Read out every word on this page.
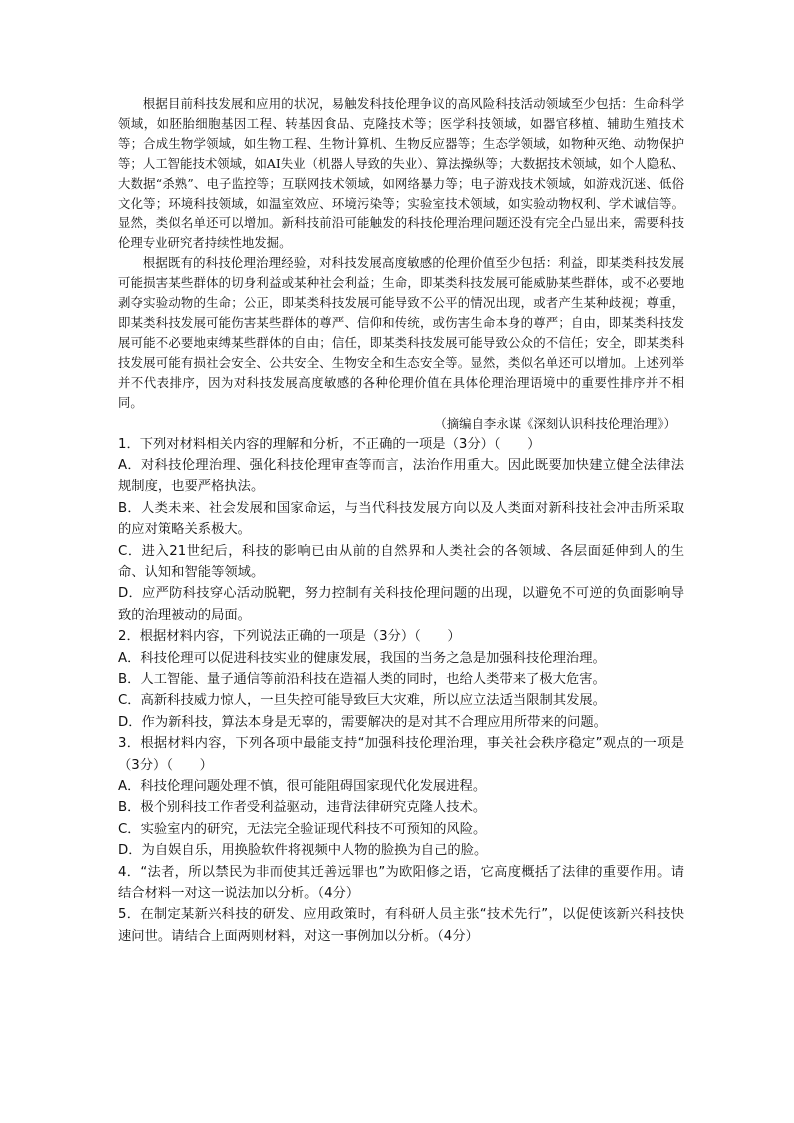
根据目前科技发展和应用的状况，易触发科技伦理争议的高风险科技活动领域至少包括：生命科学领域，如胚胎细胞基因工程、转基因食品、克隆技术等；医学科技领域，如器官移植、辅助生殖技术等；合成生物学领域，如生物工程、生物计算机、生物反应器等；生态学领域，如物种灭绝、动物保护等；人工智能技术领域，如AI失业（机器人导致的失业）、算法操纵等；大数据技术领域，如个人隐私、大数据“杀熟”、电子监控等；互联网技术领域，如网络暴力等；电子游戏技术领域，如游戏沉迷、低俗文化等；环境科技领域，如温室效应、环境污染等；实验室技术领域，如实验动物权利、学术诚信等。显然，类似名单还可以增加。新科技前沿可能触发的科技伦理治理问题还没有完全凸显出来，需要科技伦理专业研究者持续性地发掘。

根据既有的科技伦理治理经验，对科技发展高度敏感的伦理价值至少包括：利益，即某类科技发展可能损害某些群体的切身利益或某种社会利益；生命，即某类科技发展可能威胁某些群体，或不必要地剥夺实验动物的生命；公正，即某类科技发展可能导致不公平的情况出现，或者产生某种歧视；尊重，即某类科技发展可能伤害某些群体的尊严、信仰和传统，或伤害生命本身的尊严；自由，即某类科技发展可能不必要地束缚某些群体的自由；信任，即某类科技发展可能导致公众的不信任；安全，即某类科技发展可能有损社会安全、公共安全、生物安全和生态安全等。显然，类似名单还可以增加。上述列举并不代表排序，因为对科技发展高度敏感的各种伦理价值在具体伦理治理语境中的重要性排序并不相同。

（摘编自李永谋《深刻认识科技伦理治理》）

1．下列对材料相关内容的理解和分析，不正确的一项是（3分）（　　）

A．对科技伦理治理、强化科技伦理审查等而言，法治作用重大。因此既要加快建立健全法律法规制度，也要严格执法。

B．人类未来、社会发展和国家命运，与当代科技发展方向以及人类面对新科技社会冲击所采取的应对策略关系极大。

C．进入21世纪后，科技的影响已由从前的自然界和人类社会的各领域、各层面延伸到人的生命、认知和智能等领域。

D．应严防科技穿心活动脱靶，努力控制有关科技伦理问题的出现，以避免不可逆的负面影响导致的治理被动的局面。

2．根据材料内容，下列说法正确的一项是（3分）（　　）

A．科技伦理可以促进科技实业的健康发展，我国的当务之急是加强科技伦理治理。

B．人工智能、量子通信等前沿科技在造福人类的同时，也给人类带来了极大危害。

C．高新科技威力惊人，一旦失控可能导致巨大灾难，所以应立法适当限制其发展。

D．作为新科技，算法本身是无辜的，需要解决的是对其不合理应用所带来的问题。

3．根据材料内容，下列各项中最能支持“加强科技伦理治理，事关社会秩序稳定”观点的一项是（3分）（　　）

A．科技伦理问题处理不慎，很可能阻碍国家现代化发展进程。

B．极个别科技工作者受利益驱动，违背法律研究克隆人技术。

C．实验室内的研究，无法完全验证现代科技不可预知的风险。

D．为自娱自乐，用换脸软件将视频中人物的脸换为自己的脸。

4．“法者，所以禁民为非而使其迁善远罪也”为欧阳修之语，它高度概括了法律的重要作用。请结合材料一对这一说法加以分析。（4分）

5．在制定某新兴科技的研发、应用政策时，有科研人员主张“技术先行”，以促使该新兴科技快速问世。请结合上面两则材料，对这一事例加以分析。（4分）
